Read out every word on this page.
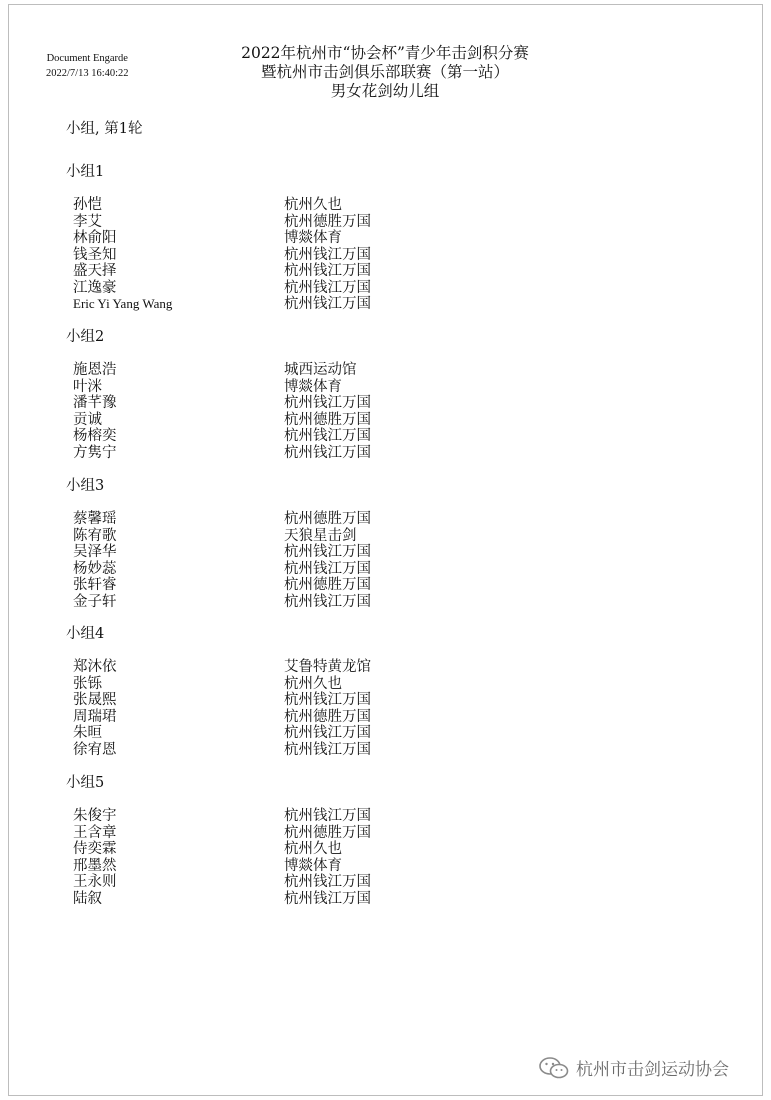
Document Engarde
2022/7/13 16:40:22
2022年杭州市“协会杯”青少年击剑积分赛
暨杭州市击剑俱乐部联赛（第一站）
男女花剑幼儿组
小组, 第1轮
小组1
孙恺	杭州久也
李艾	杭州德胜万国
林俞阳	博燚体育
钱圣知	杭州钱江万国
盛天择	杭州钱江万国
江逸豪	杭州钱江万国
Eric Yi Yang Wang	杭州钱江万国
小组2
施恩浩	城西运动馆
叶洣	博燚体育
潘芊豫	杭州钱江万国
贡诚	杭州德胜万国
杨榕奕	杭州钱江万国
方隽宁	杭州钱江万国
小组3
蔡馨瑶	杭州德胜万国
陈宥歌	天狼星击剑
吴泽华	杭州钱江万国
杨妙蕊	杭州钱江万国
张轩睿	杭州德胜万国
金子轩	杭州钱江万国
小组4
郑沐依	艾鲁特黄龙馆
张铄	杭州久也
张晟熙	杭州钱江万国
周瑞珺	杭州德胜万国
朱晅	杭州钱江万国
徐宥恩	杭州钱江万国
小组5
朱俊宇	杭州钱江万国
王含章	杭州德胜万国
侍奕霖	杭州久也
邢墨然	博燚体育
王永则	杭州钱江万国
陆叙	杭州钱江万国
杭州市击剑运动协会
